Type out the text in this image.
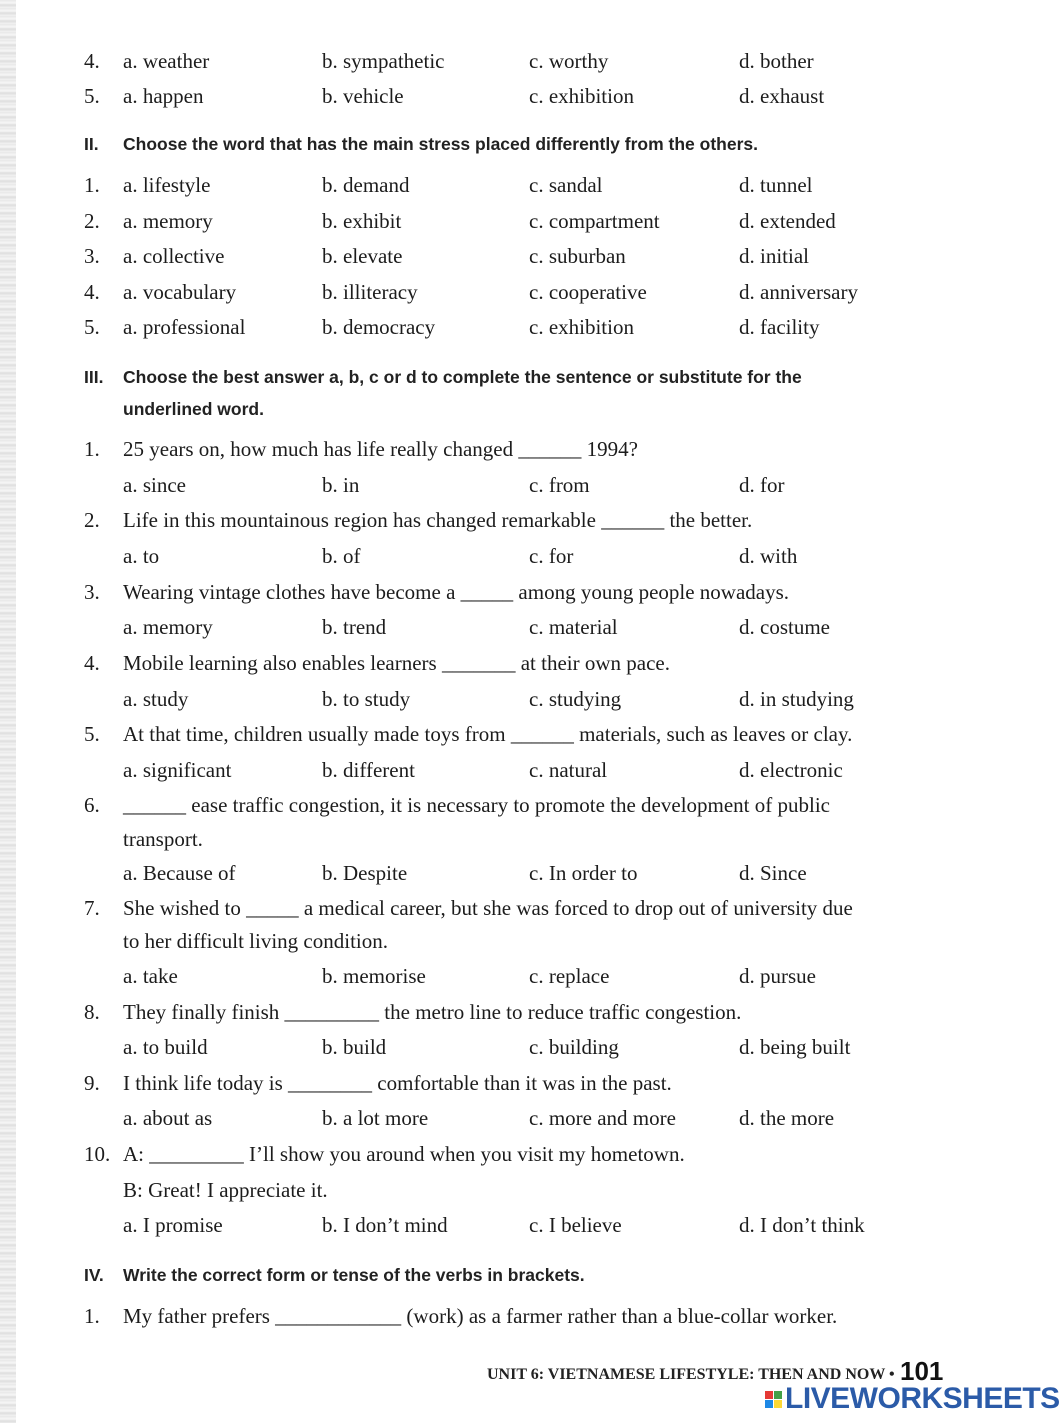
4. a. weather	b. sympathetic	c. worthy	d. bother
5. a. happen	b. vehicle	c. exhibition	d. exhaust
II. Choose the word that has the main stress placed differently from the others.
1. a. lifestyle	b. demand	c. sandal	d. tunnel
2. a. memory	b. exhibit	c. compartment	d. extended
3. a. collective	b. elevate	c. suburban	d. initial
4. a. vocabulary	b. illiteracy	c. cooperative	d. anniversary
5. a. professional	b. democracy	c. exhibition	d. facility
III. Choose the best answer a, b, c or d to complete the sentence or substitute for the
underlined word.
1. 25 years on, how much has life really changed ______ 1994?
a. since	b. in	c. from	d. for
2. Life in this mountainous region has changed remarkable ______ the better.
a. to	b. of	c. for	d. with
3. Wearing vintage clothes have become a _____ among young people nowadays.
a. memory	b. trend	c. material	d. costume
4. Mobile learning also enables learners _______ at their own pace.
a. study	b. to study	c. studying	d. in studying
5. At that time, children usually made toys from ______ materials, such as leaves or clay.
a. significant	b. different	c. natural	d. electronic
6. ______ ease traffic congestion, it is necessary to promote the development of public
transport.
a. Because of	b. Despite	c. In order to	d. Since
7. She wished to _____ a medical career, but she was forced to drop out of university due
to her difficult living condition.
a. take	b. memorise	c. replace	d. pursue
8. They finally finish _________ the metro line to reduce traffic congestion.
a. to build	b. build	c. building	d. being built
9. I think life today is ________ comfortable than it was in the past.
a. about as	b. a lot more	c. more and more	d. the more
10. A: _________ I’ll show you around when you visit my hometown.
B: Great! I appreciate it.
a. I promise	b. I don’t mind	c. I believe	d. I don’t think
IV. Write the correct form or tense of the verbs in brackets.
1. My father prefers ____________ (work) as a farmer rather than a blue-collar worker.
UNIT 6: VIETNAMESE LIFESTYLE: THEN AND NOW • 101
LIVEWORKSHEETS
